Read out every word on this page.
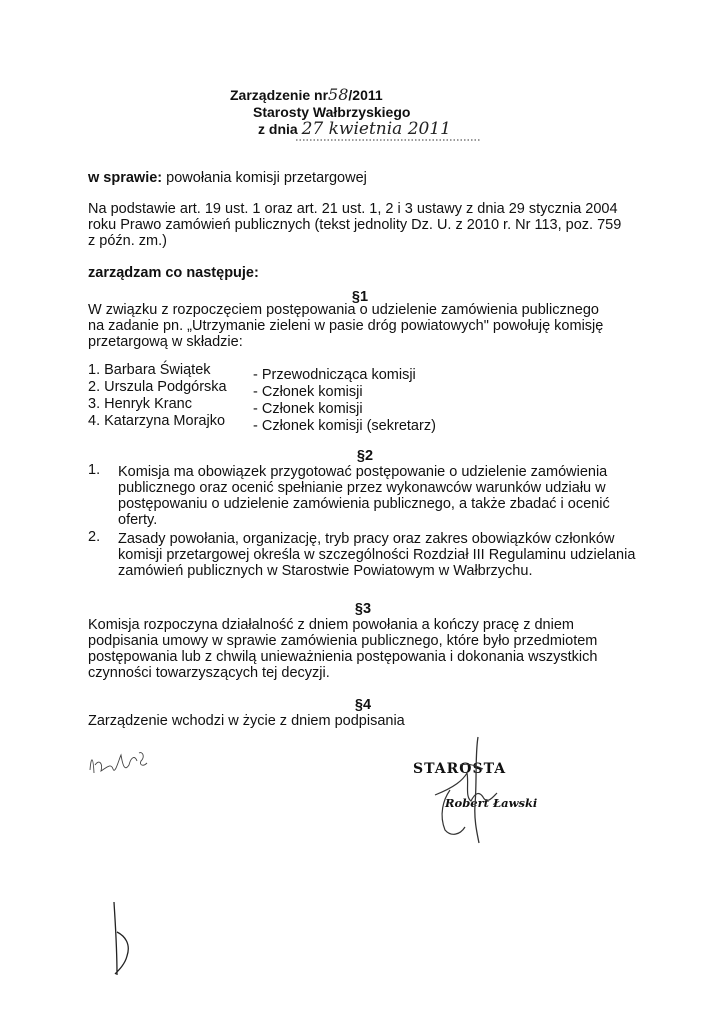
Zarządzenie nr58/2011
Starosty Wałbrzyskiego
z dnia 27 kwietnia 2011
w sprawie: powołania komisji przetargowej
Na podstawie art. 19 ust. 1 oraz art. 21 ust. 1, 2 i 3 ustawy z dnia 29 stycznia 2004
roku Prawo zamówień publicznych (tekst jednolity Dz. U. z 2010 r. Nr 113, poz. 759
z późn. zm.)
zarządzam co następuje:
§1
W związku z rozpoczęciem postępowania o udzielenie zamówienia publicznego
na zadanie pn. „Utrzymanie zieleni w pasie dróg powiatowych" powołuję komisję
przetargową w składzie:
1. Barbara Świątek	- Przewodnicząca komisji
2. Urszula Podgórska - Członek komisji
3. Henryk Kranc	- Członek komisji
4. Katarzyna Morajko - Członek komisji (sekretarz)
§2
1. Komisja ma obowiązek przygotować postępowanie o udzielenie zamówienia
publicznego oraz ocenić spełnianie przez wykonawców warunków udziału w
postępowaniu o udzielenie zamówienia publicznego, a także zbadać i ocenić
oferty.
2. Zasady powołania, organizację, tryb pracy oraz zakres obowiązków członków
komisji przetargowej określa w szczególności Rozdział III Regulaminu udzielania
zamówień publicznych w Starostwie Powiatowym w Wałbrzychu.
§3
Komisja rozpoczyna działalność z dniem powołania a kończy pracę z dniem
podpisania umowy w sprawie zamówienia publicznego, które było przedmiotem
postępowania lub z chwilą unieważnienia postępowania i dokonania wszystkich
czynności towarzyszących tej decyzji.
§4
Zarządzenie wchodzi w życie z dniem podpisania
STAROSTA
Robert Ławski
